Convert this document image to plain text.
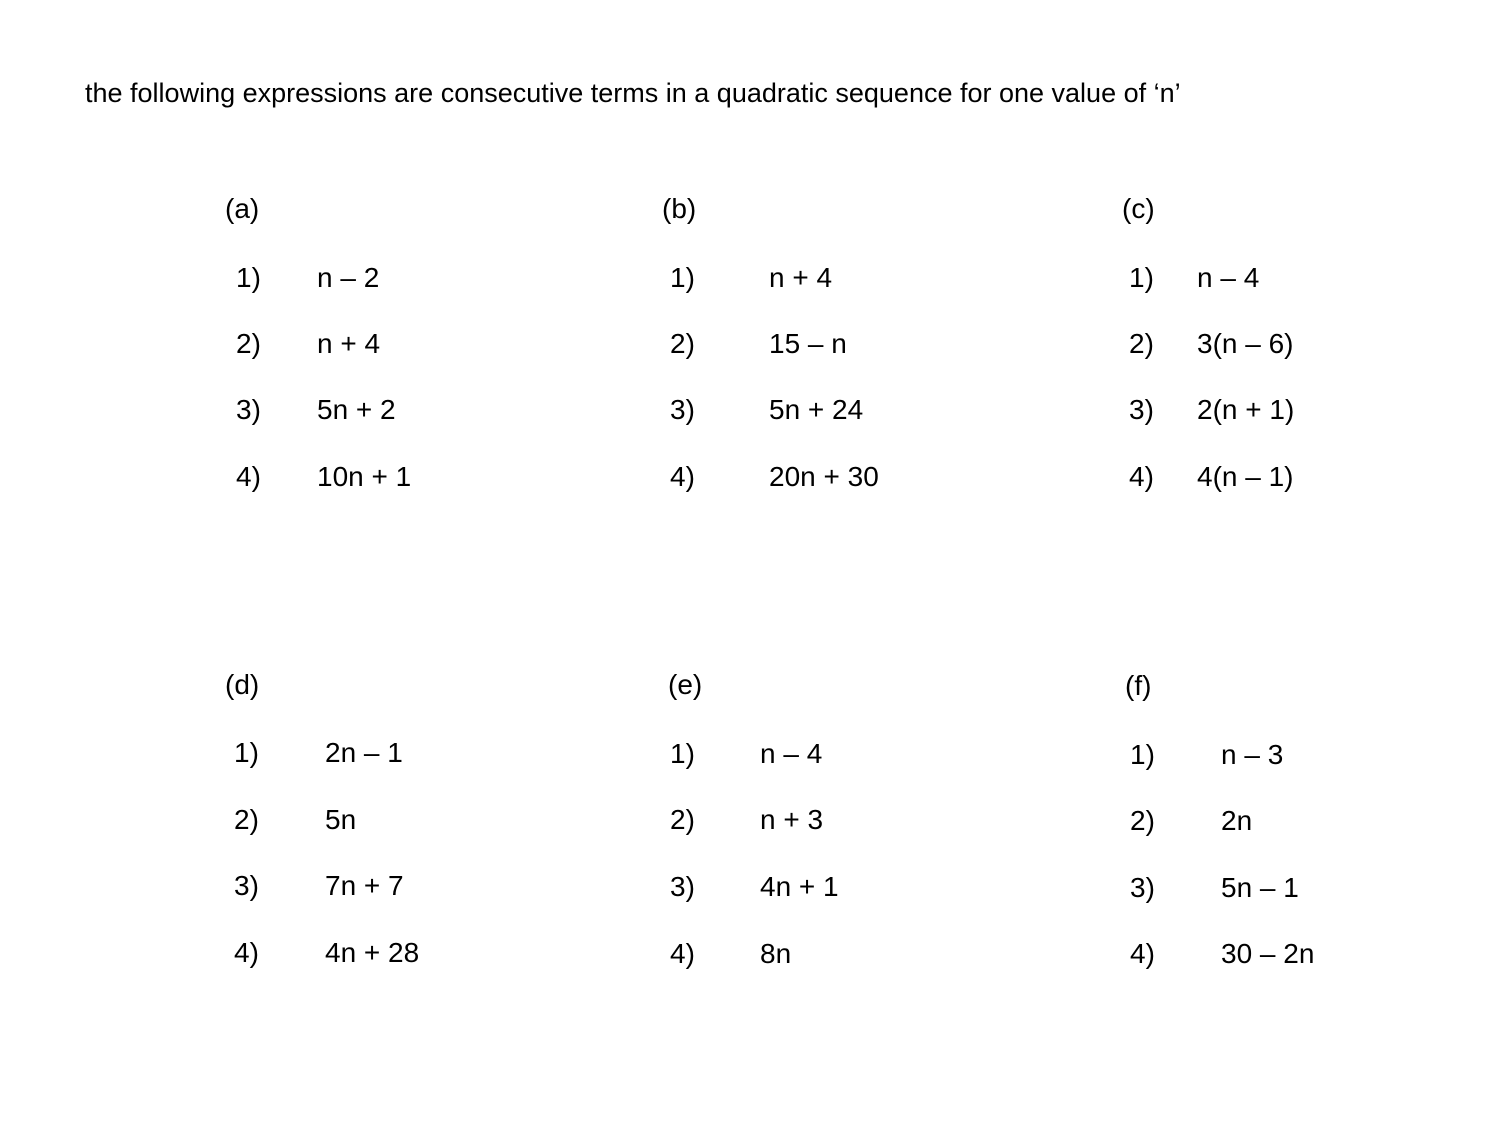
the following expressions are consecutive terms in a quadratic sequence for one value of ‘n’
(a)
1) n – 2
2) n + 4
3) 5n + 2
4) 10n + 1
(b)
1)	n + 4
2)	15 – n
3)	5n + 24
4)	20n + 30
(c)
1) n – 4
2) 3(n – 6)
3) 2(n + 1)
4) 4(n – 1)
(d)
1) 2n – 1
2) 5n
3) 7n + 7
4) 4n + 28
(e)
1) n – 4
2) n + 3
3) 4n + 1
4) 8n
(f)
1) n – 3
2) 2n
3) 5n – 1
4) 30 – 2n
